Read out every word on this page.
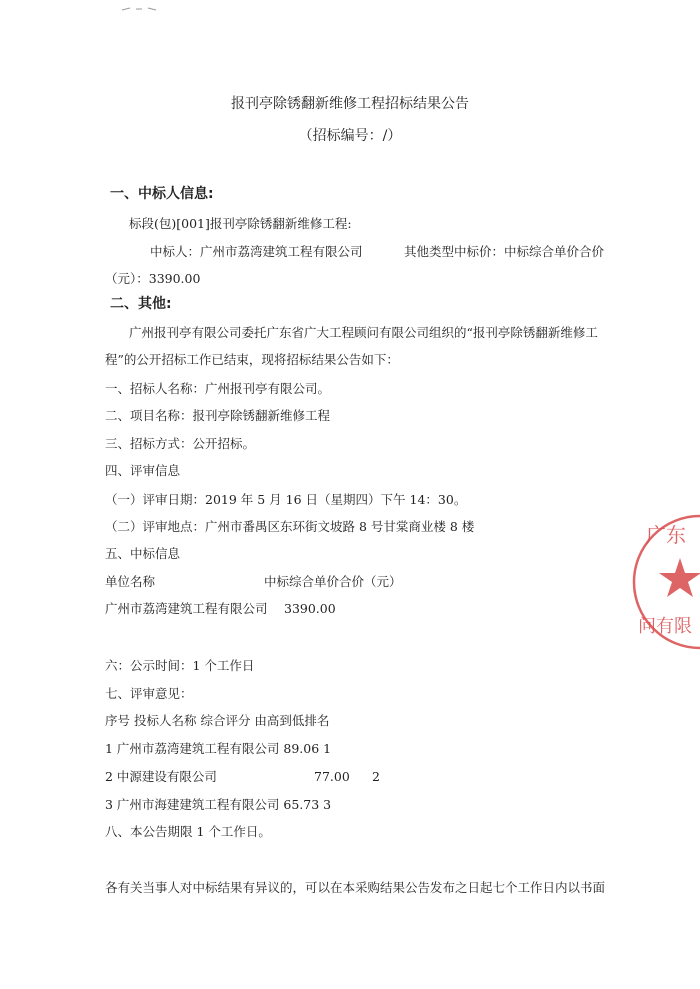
报刊亭除锈翻新维修工程招标结果公告
（招标编号：/）
一、中标人信息:
标段(包)[001]报刊亭除锈翻新维修工程:
中标人：广州市荔湾建筑工程有限公司	其他类型中标价：中标综合单价合价
（元）：3390.00
二、其他:
广州报刊亭有限公司委托广东省广大工程顾问有限公司组织的“报刊亭除锈翻新维修工
程”的公开招标工作已结束，现将招标结果公告如下：
一、招标人名称：广州报刊亭有限公司。
二、项目名称：报刊亭除锈翻新维修工程
三、招标方式：公开招标。
四、评审信息
（一）评审日期：2019 年 5 月 16 日（星期四）下午 14：30。
（二）评审地点：广州市番禺区东环街文坡路 8 号甘棠商业楼 8 楼
五、中标信息
单位名称	中标综合单价合价（元）
广州市荔湾建筑工程有限公司 3390.00
六：公示时间：1 个工作日
七、评审意见：
序号 投标人名称 综合评分 由高到低排名
1 广州市荔湾建筑工程有限公司 89.06 1
2 中源建设有限公司	77.00 2
3 广州市海建建筑工程有限公司 65.73 3
八、本公告期限 1 个工作日。
各有关当事人对中标结果有异议的，可以在本采购结果公告发布之日起七个工作日内以书面
广东
问有限
